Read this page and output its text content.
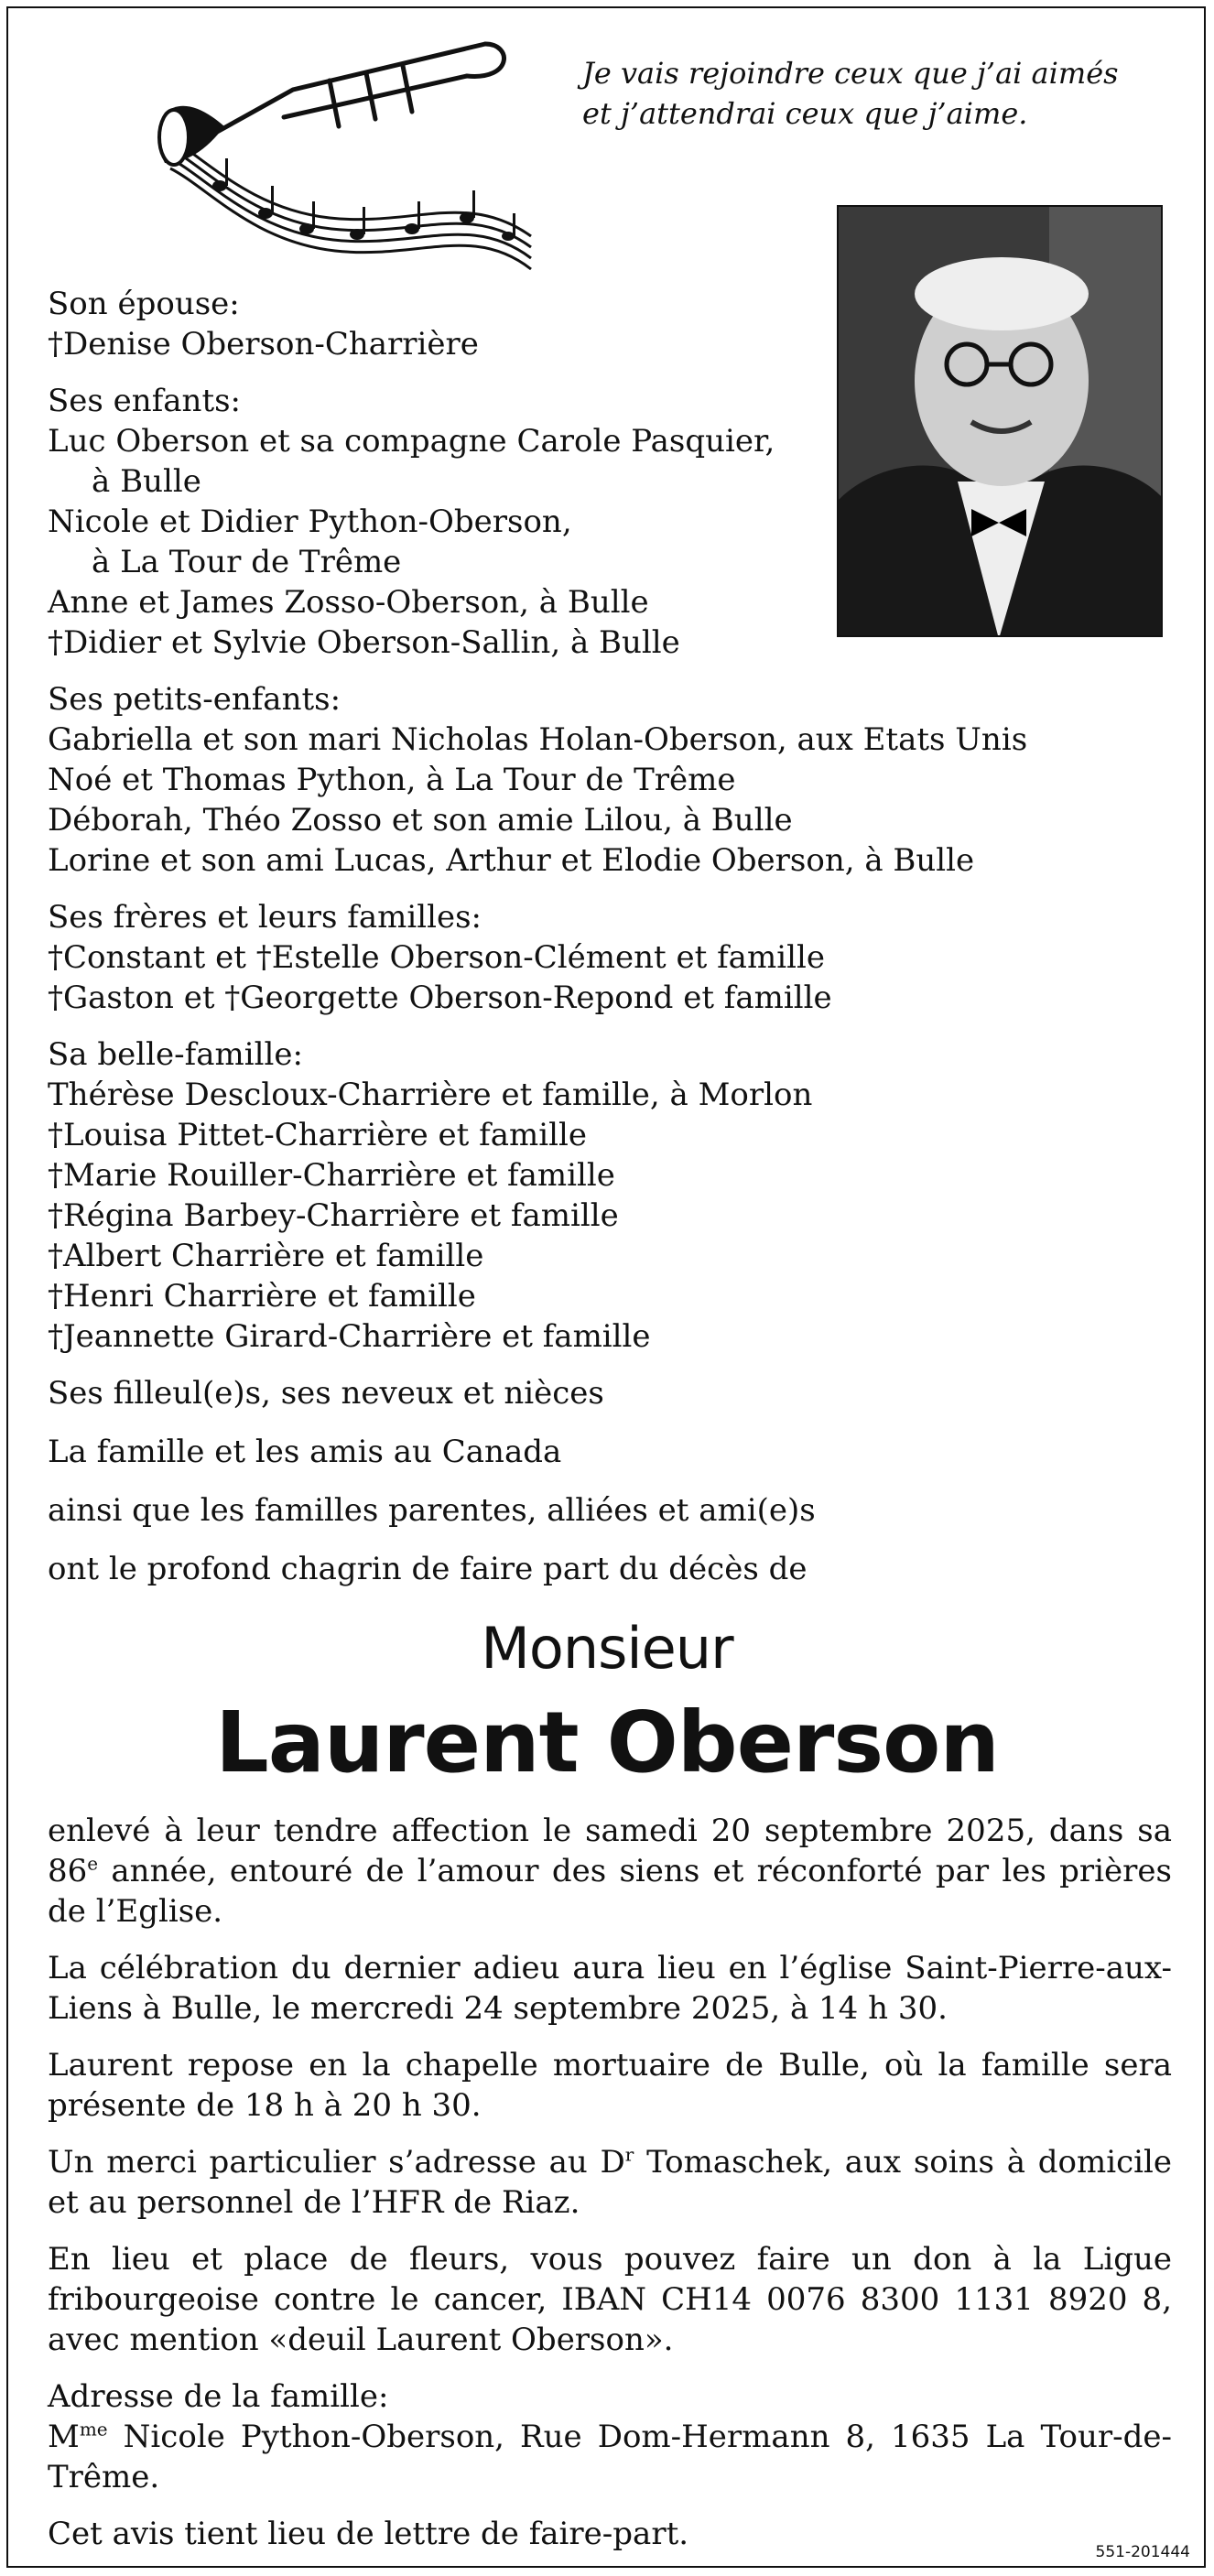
Je vais rejoindre ceux que j’ai aimés
et j’attendrai ceux que j’aime.
Son épouse:
†Denise Oberson-Charrière
Ses enfants:
Luc Oberson et sa compagne Carole Pasquier,
à Bulle
Nicole et Didier Python-Oberson,
à La Tour de Trême
Anne et James Zosso-Oberson, à Bulle
†Didier et Sylvie Oberson-Sallin, à Bulle
Ses petits-enfants:
Gabriella et son mari Nicholas Holan-Oberson, aux Etats Unis
Noé et Thomas Python, à La Tour de Trême
Déborah, Théo Zosso et son amie Lilou, à Bulle
Lorine et son ami Lucas, Arthur et Elodie Oberson, à Bulle
Ses frères et leurs familles:
†Constant et †Estelle Oberson-Clément et famille
†Gaston et †Georgette Oberson-Repond et famille
Sa belle-famille:
Thérèse Descloux-Charrière et famille, à Morlon
†Louisa Pittet-Charrière et famille
†Marie Rouiller-Charrière et famille
†Régina Barbey-Charrière et famille
†Albert Charrière et famille
†Henri Charrière et famille
†Jeannette Girard-Charrière et famille
Ses filleul(e)s, ses neveux et nièces
La famille et les amis au Canada
ainsi que les familles parentes, alliées et ami(e)s
ont le profond chagrin de faire part du décès de
Monsieur
Laurent Oberson

enlevé à leur tendre affection le samedi 20 septembre 2025, dans sa 86e année, entouré de l’amour des siens et réconforté par les prières de l’Eglise.

La célébration du dernier adieu aura lieu en l’église Saint-Pierre-aux-Liens à Bulle, le mercredi 24 septembre 2025, à 14 h 30.

Laurent repose en la chapelle mortuaire de Bulle, où la famille sera présente de 18 h à 20 h 30.

Un merci particulier s’adresse au $D^r$ Tomaschek, aux soins à domicile et au personnel de l’HFR de Riaz.

En lieu et place de fleurs, vous pouvez faire un don à la Ligue fribourgeoise contre le cancer, IBAN CH14 0076 8300 1131 8920 8, avec mention «deuil Laurent Oberson».

Adresse de la famille:
$M^{me}$ Nicole Python-Oberson, Rue Dom-Hermann 8, 1635 La Tour-de-Trême.

Cet avis tient lieu de lettre de faire-part.	551-201444
